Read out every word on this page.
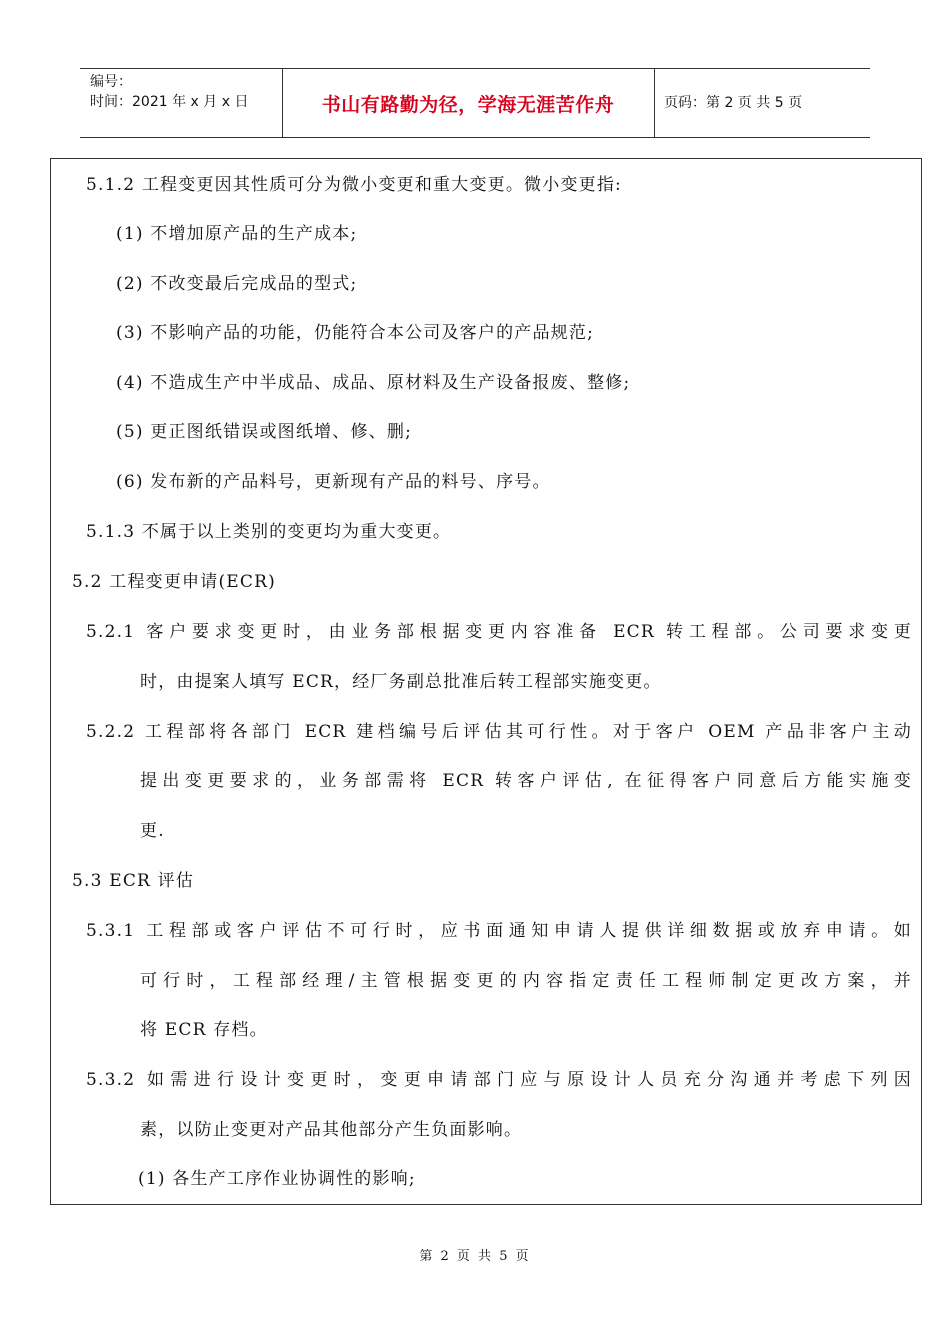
编号：
时间：2021 年 x 月 x 日	书山有路勤为径，学海无涯苦作舟	页码：第 2 页 共 5 页
5.1.2 工程变更因其性质可分为微小变更和重大变更。微小变更指:
(1) 不增加原产品的生产成本;
(2) 不改变最后完成品的型式;
(3) 不影响产品的功能，仍能符合本公司及客户的产品规范;
(4) 不造成生产中半成品、成品、原材料及生产设备报废、整修;
(5) 更正图纸错误或图纸增、修、删;
(6) 发布新的产品料号，更新现有产品的料号、序号。
5.1.3 不属于以上类别的变更均为重大变更。
5.2 工程变更申请(ECR)
5.2.1 客户要求变更时，由业务部根据变更内容准备 ECR 转工程部。公司要求变更
时，由提案人填写 ECR，经厂务副总批准后转工程部实施变更。
5.2.2 工程部将各部门 ECR 建档编号后评估其可行性。对于客户 OEM 产品非客户主动
提出变更要求的，业务部需将 ECR 转客户评估, 在征得客户同意后方能实施变
更.
5.3 ECR 评估
5.3.1 工程部或客户评估不可行时，应书面通知申请人提供详细数据或放弃申请。如
可行时，工程部经理/主管根据变更的内容指定责任工程师制定更改方案，并
将 ECR 存档。
5.3.2 如需进行设计变更时，变更申请部门应与原设计人员充分沟通并考虑下列因
素，以防止变更对产品其他部分产生负面影响。
(1) 各生产工序作业协调性的影响;
第 2 页 共 5 页
